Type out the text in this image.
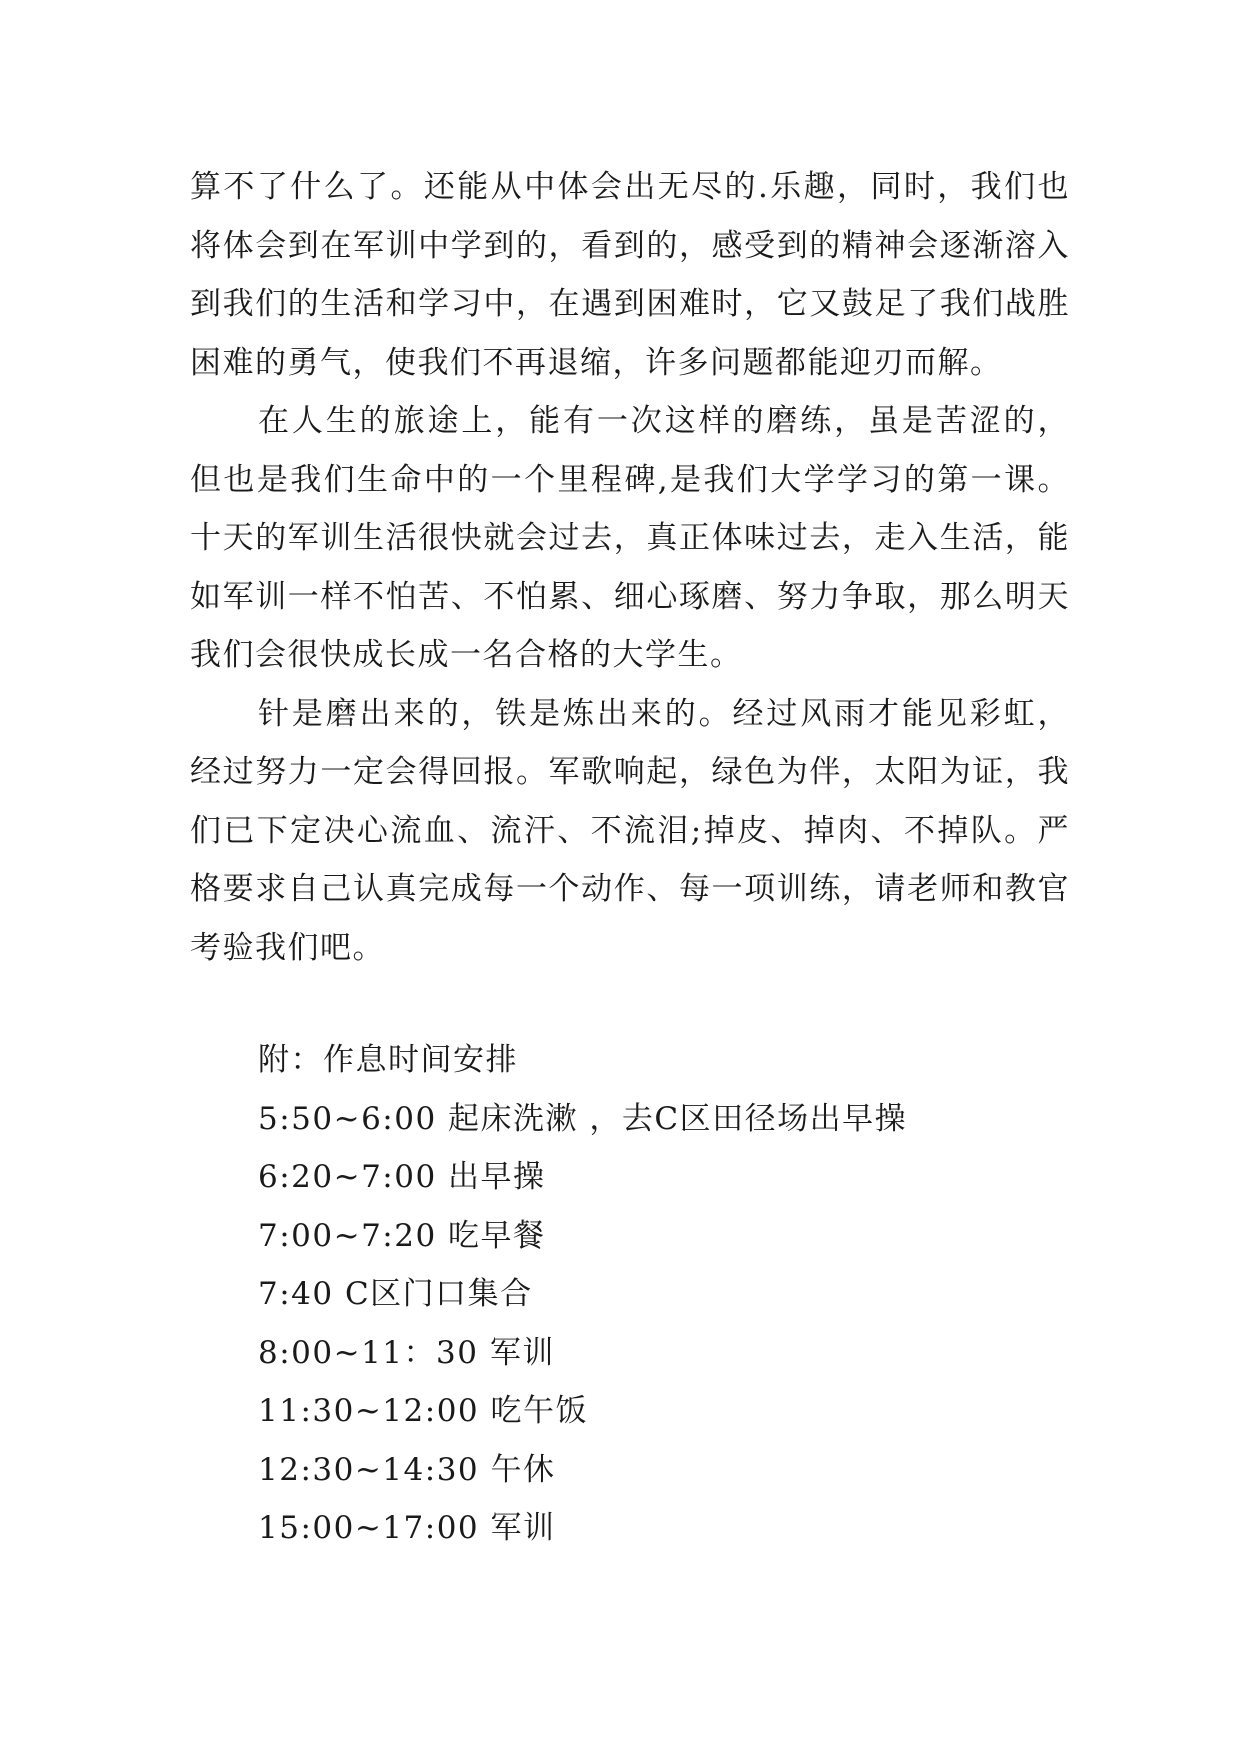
算不了什么了。还能从中体会出无尽的.乐趣，同时，我们也将体会到在军训中学到的，看到的，感受到的精神会逐渐溶入到我们的生活和学习中，在遇到困难时，它又鼓足了我们战胜困难的勇气，使我们不再退缩，许多问题都能迎刃而解。

在人生的旅途上，能有一次这样的磨练，虽是苦涩的，但也是我们生命中的一个里程碑,是我们大学学习的第一课。十天的军训生活很快就会过去，真正体味过去，走入生活，能如军训一样不怕苦、不怕累、细心琢磨、努力争取，那么明天我们会很快成长成一名合格的大学生。

针是磨出来的，铁是炼出来的。经过风雨才能见彩虹，经过努力一定会得回报。军歌响起，绿色为伴，太阳为证，我们已下定决心流血、流汗、不流泪;掉皮、掉肉、不掉队。严格要求自己认真完成每一个动作、每一项训练，请老师和教官考验我们吧。

附：作息时间安排
5:50~6:00 起床洗漱 ，去C区田径场出早操
6:20~7:00 出早操
7:00~7:20 吃早餐
7:40 C区门口集合
8:00~11：30 军训
11:30~12:00 吃午饭
12:30~14:30 午休
15:00~17:00 军训
